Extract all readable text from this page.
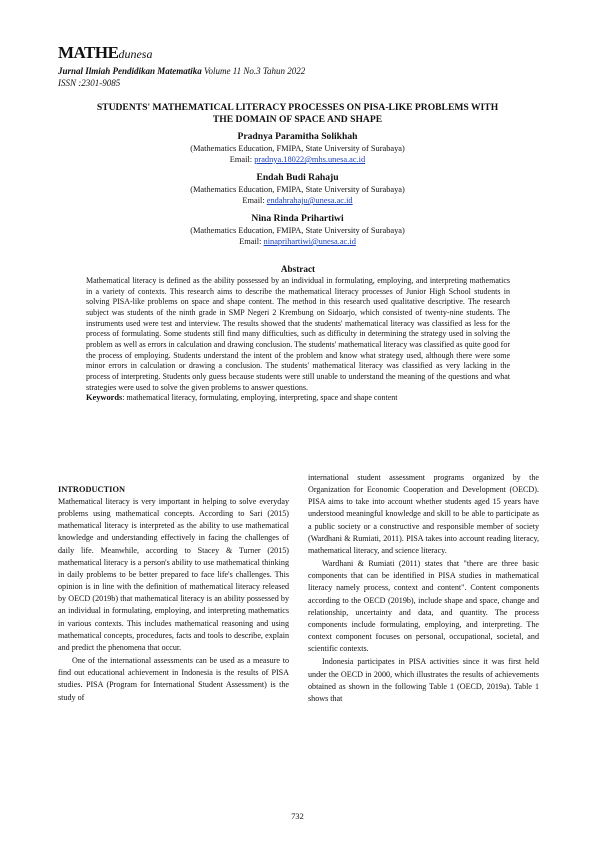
MATHEdunesa
Jurnal Ilmiah Pendidikan Matematika Volume 11 No.3 Tahun 2022
ISSN :2301-9085
STUDENTS' MATHEMATICAL LITERACY PROCESSES ON PISA-LIKE PROBLEMS WITH
THE DOMAIN OF SPACE AND SHAPE
Pradnya Paramitha Solikhah
(Mathematics Education, FMIPA, State University of Surabaya)
Email: pradnya.18022@mhs.unesa.ac.id
Endah Budi Rahaju
(Mathematics Education, FMIPA, State University of Surabaya)
Email: endahrahaju@unesa.ac.id
Nina Rinda Prihartiwi
(Mathematics Education, FMIPA, State University of Surabaya)
Email: ninaprihartiwi@unesa.ac.id
Abstract

Mathematical literacy is defined as the ability possessed by an individual in formulating, employing, and interpreting mathematics in a variety of contexts. This research aims to describe the mathematical literacy processes of Junior High School students in solving PISA-like problems on space and shape content. The method in this research used qualitative descriptive. The research subject was students of the ninth grade in SMP Negeri 2 Krembung on Sidoarjo, which consisted of twenty-nine students. The instruments used were test and interview. The results showed that the students' mathematical literacy was classified as less for the process of formulating. Some students still find many difficulties, such as difficulty in determining the strategy used in solving the problem as well as errors in calculation and drawing conclusion. The students' mathematical literacy was classified as quite good for the process of employing. Students understand the intent of the problem and know what strategy used, although there were some minor errors in calculation or drawing a conclusion. The students' mathematical literacy was classified as very lacking in the process of interpreting. Students only guess because students were still unable to understand the meaning of the questions and what strategies were used to solve the given problems to answer questions.

Keywords: mathematical literacy, formulating, employing, interpreting, space and shape content

INTRODUCTION

Mathematical literacy is very important in helping to solve everyday problems using mathematical concepts. According to Sari (2015) mathematical literacy is interpreted as the ability to use mathematical knowledge and understanding effectively in facing the challenges of daily life. Meanwhile, according to Stacey & Turner (2015) mathematical literacy is a person's ability to use mathematical thinking in daily problems to be better prepared to face life's challenges. This opinion is in line with the definition of mathematical literacy released by OECD (2019b) that mathematical literacy is an ability possessed by an individual in formulating, employing, and interpreting mathematics in various contexts. This includes mathematical reasoning and using mathematical concepts, procedures, facts and tools to describe, explain and predict the phenomena that occur.

One of the international assessments can be used as a measure to find out educational achievement in Indonesia is the results of PISA studies. PISA (Program for International Student Assessment) is the study of

international student assessment programs organized by the Organization for Economic Cooperation and Development (OECD). PISA aims to take into account whether students aged 15 years have understood meaningful knowledge and skill to be able to participate as a public society or a constructive and responsible member of society (Wardhani & Rumiati, 2011). PISA takes into account reading literacy, mathematical literacy, and science literacy.

Wardhani & Rumiati (2011) states that "there are three basic components that can be identified in PISA studies in mathematical literacy namely process, context and content". Content components according to the OECD (2019b), include shape and space, change and relationship, uncertainty and data, and quantity. The process components include formulating, employing, and interpreting. The context component focuses on personal, occupational, societal, and scientific contexts.

Indonesia participates in PISA activities since it was first held under the OECD in 2000, which illustrates the results of achievements obtained as shown in the following Table 1 (OECD, 2019a). Table 1 shows that

732
